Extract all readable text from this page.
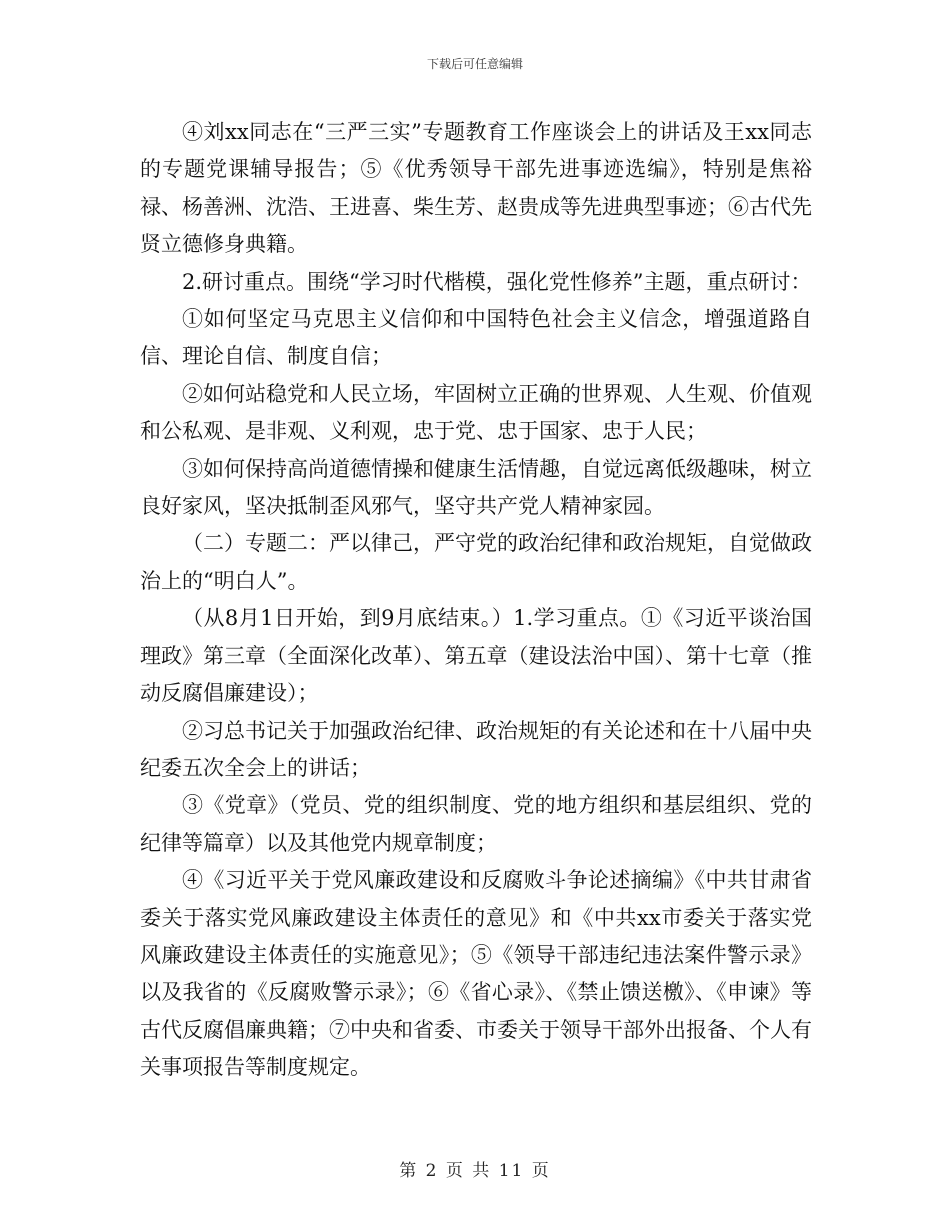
下载后可任意编辑

④刘xx同志在“三严三实”专题教育工作座谈会上的讲话及王xx同志的专题党课辅导报告；⑤《优秀领导干部先进事迹选编》，特别是焦裕禄、杨善洲、沈浩、王进喜、柴生芳、赵贵成等先进典型事迹；⑥古代先贤立德修身典籍。

2.研讨重点。围绕“学习时代楷模，强化党性修养”主题，重点研讨：

①如何坚定马克思主义信仰和中国特色社会主义信念，增强道路自信、理论自信、制度自信；

②如何站稳党和人民立场，牢固树立正确的世界观、人生观、价值观和公私观、是非观、义利观，忠于党、忠于国家、忠于人民；

③如何保持高尚道德情操和健康生活情趣，自觉远离低级趣味，树立良好家风，坚决抵制歪风邪气，坚守共产党人精神家园。

（二）专题二：严以律己，严守党的政治纪律和政治规矩，自觉做政治上的“明白人”。

（从8月1日开始，到9月底结束。）1.学习重点。①《习近平谈治国理政》第三章（全面深化改革）、第五章（建设法治中国）、第十七章（推动反腐倡廉建设）；

②习总书记关于加强政治纪律、政治规矩的有关论述和在十八届中央纪委五次全会上的讲话；

③《党章》（党员、党的组织制度、党的地方组织和基层组织、党的纪律等篇章）以及其他党内规章制度；

④《习近平关于党风廉政建设和反腐败斗争论述摘编》《中共甘肃省委关于落实党风廉政建设主体责任的意见》和《中共xx市委关于落实党风廉政建设主体责任的实施意见》；⑤《领导干部违纪违法案件警示录》以及我省的《反腐败警示录》；⑥《省心录》、《禁止馈送檄》、《申谏》等古代反腐倡廉典籍；⑦中央和省委、市委关于领导干部外出报备、个人有关事项报告等制度规定。

第 2 页 共 11 页
